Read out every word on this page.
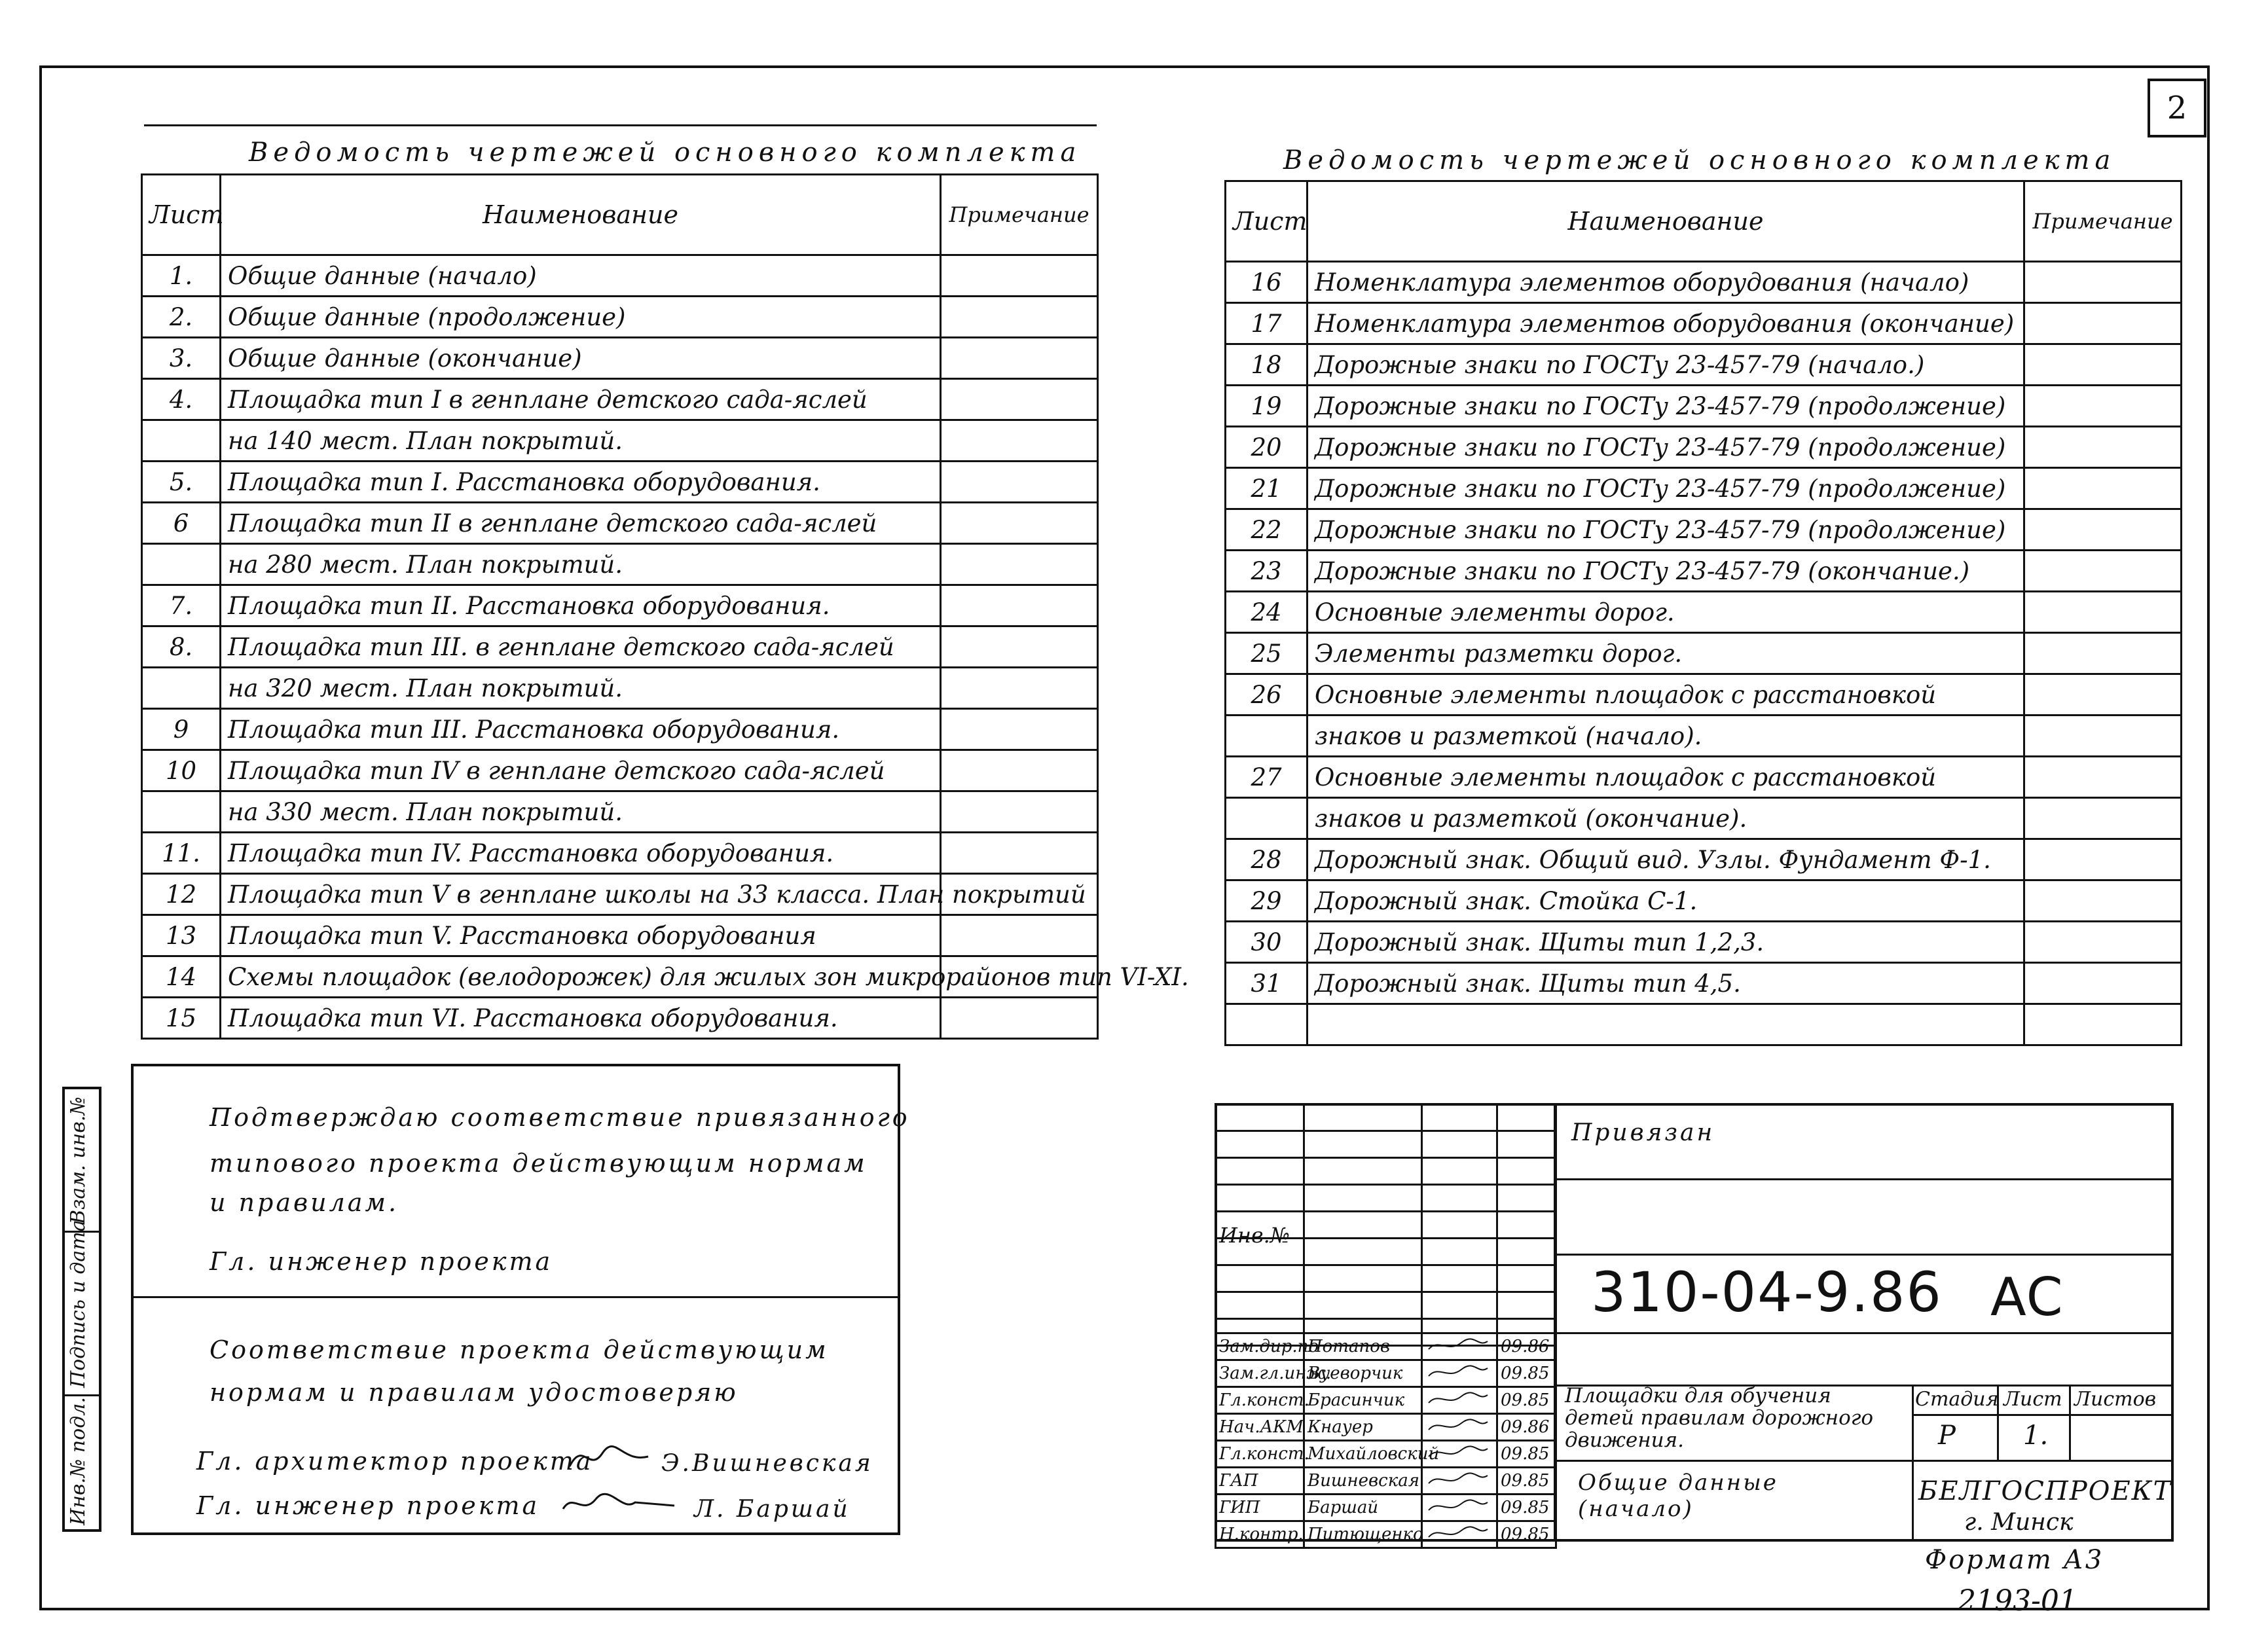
2
Ведомость чертежей основного комплекта
Лист	Наименование	Примечание
1.	Общие данные (начало)	
2.	Общие данные (продолжение)	
3.	Общие данные (окончание)	
4.	Площадка тип I в генплане детского сада-яслей	
	на 140 мест. План покрытий.	
5.	Площадка тип I. Расстановка оборудования.	
6	Площадка тип II в генплане детского сада-яслей	
	на 280 мест. План покрытий.	
7.	Площадка тип II. Расстановка оборудования.	
8.	Площадка тип III. в генплане детского сада-яслей	
	на 320 мест. План покрытий.	
9	Площадка тип III. Расстановка оборудования.	
10	Площадка тип IV в генплане детского сада-яслей	
	на 330 мест. План покрытий.	
11.	Площадка тип IV. Расстановка оборудования.	
12	Площадка тип V в генплане школы на 33 класса. План покрытий	
13	Площадка тип V. Расстановка оборудования	
14	Схемы площадок (велодорожек) для жилых зон микрорайонов тип VI-XI.	
15	Площадка тип VI. Расстановка оборудования.	
Ведомость чертежей основного комплекта
Лист	Наименование	Примечание
16	Номенклатура элементов оборудования (начало)	
17	Номенклатура элементов оборудования (окончание)	
18	Дорожные знаки по ГОСТу 23-457-79 (начало.)	
19	Дорожные знаки по ГОСТу 23-457-79 (продолжение)	
20	Дорожные знаки по ГОСТу 23-457-79 (продолжение)	
21	Дорожные знаки по ГОСТу 23-457-79 (продолжение)	
22	Дорожные знаки по ГОСТу 23-457-79 (продолжение)	
23	Дорожные знаки по ГОСТу 23-457-79 (окончание.)	
24	Основные элементы дорог.	
25	Элементы разметки дорог.	
26	Основные элементы площадок с расстановкой	
	знаков и разметкой (начало).	
27	Основные элементы площадок с расстановкой	
	знаков и разметкой (окончание).	
28	Дорожный знак. Общий вид. Узлы. Фундамент Ф-1.	
29	Дорожный знак. Стойка С-1.	
30	Дорожный знак. Щиты тип 1,2,3.	
31	Дорожный знак. Щиты тип 4,5.	

Взам. инв.№
Подпись и дата
Инв.№ подл.
Подтверждаю соответствие привязанного
типового проекта действующим нормам
и правилам.
Гл. инженер проекта
Соответствие проекта действующим
нормам и правилам удостоверяю
Гл. архитектор проекта	Э.Вишневская
Гл. инженер проекта	Л. Баршай

Инв.№
Зам.дир.по	Потапов		09.86
Зам.гл.инж.	Вуеворчик		09.85
Гл.конст.	Брасинчик		09.85
Нач.АКМ	Кнауер		09.86
Гл.конст.	Михайловский		09.85
ГАП	Вишневская		09.85
ГИП	Баршай		09.85
Н.контр.	Питющенко		09.85
Привязан
310-04-9.86 АС
Площадки для обучения детей правилам дорожного движения.
Общие данные (начало)
Стадия Лист Листов
Р	1.
БЕЛГОСПРОЕКТ
г. Минск
Формат А3
2193-01
